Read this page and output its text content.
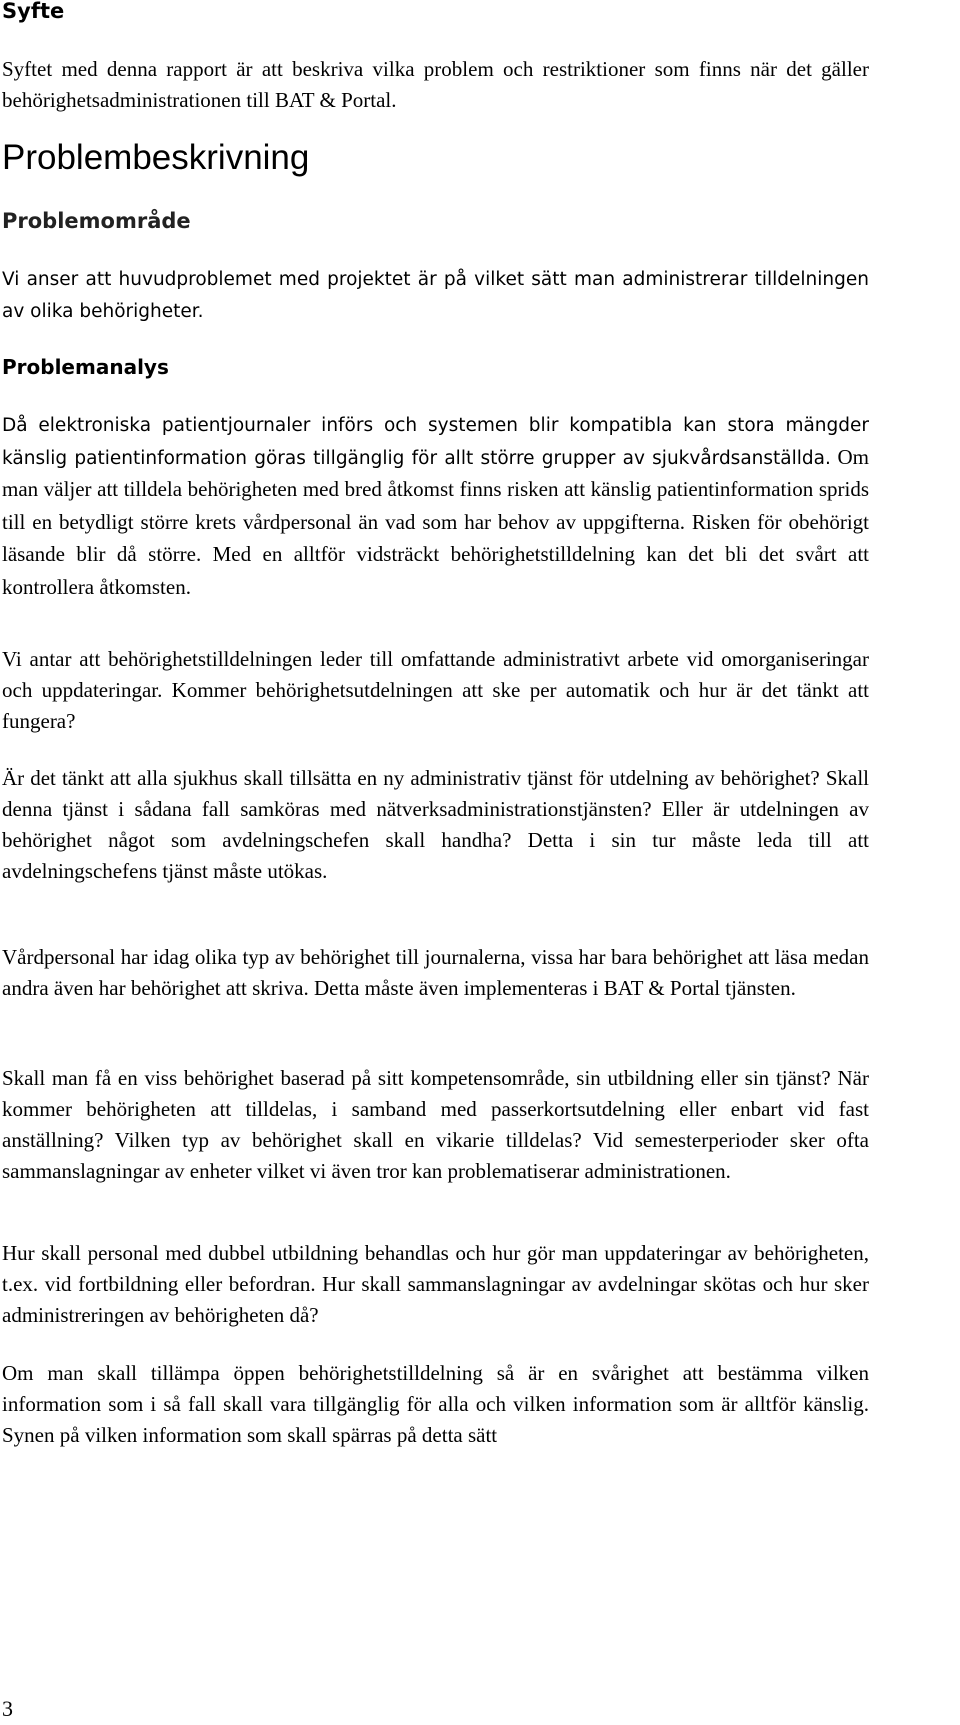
Syfte

Syftet med denna rapport är att beskriva vilka problem och restriktioner som finns när det gäller behörighetsadministrationen till BAT & Portal.

Problembeskrivning
Problemområde

Vi anser att huvudproblemet med projektet är på vilket sätt man administrerar tilldelningen av olika behörigheter.

Problemanalys

Då elektroniska patientjournaler införs och systemen blir kompatibla kan stora mängder känslig patientinformation göras tillgänglig för allt större grupper av sjukvårdsanställda. Om man väljer att tilldela behörigheten med bred åtkomst finns risken att känslig patientinformation sprids till en betydligt större krets vårdpersonal än vad som har behov av uppgifterna. Risken för obehörigt läsande blir då större. Med en alltför vidsträckt behörighetstilldelning kan det bli det svårt att kontrollera åtkomsten.

Vi antar att behörighetstilldelningen leder till omfattande administrativt arbete vid omorganiseringar och uppdateringar. Kommer behörighetsutdelningen att ske per automatik och hur är det tänkt att fungera?

Är det tänkt att alla sjukhus skall tillsätta en ny administrativ tjänst för utdelning av behörighet? Skall denna tjänst i sådana fall samköras med nätverksadministrationstjänsten? Eller är utdelningen av behörighet något som avdelningschefen skall handha? Detta i sin tur måste leda till att avdelningschefens tjänst måste utökas.

Vårdpersonal har idag olika typ av behörighet till journalerna, vissa har bara behörighet att läsa medan andra även har behörighet att skriva. Detta måste även implementeras i BAT & Portal tjänsten.

Skall man få en viss behörighet baserad på sitt kompetensområde, sin utbildning eller sin tjänst? När kommer behörigheten att tilldelas, i samband med passerkortsutdelning eller enbart vid fast anställning? Vilken typ av behörighet skall en vikarie tilldelas? Vid semesterperioder sker ofta sammanslagningar av enheter vilket vi även tror kan problematiserar administrationen.

Hur skall personal med dubbel utbildning behandlas och hur gör man uppdateringar av behörigheten, t.ex. vid fortbildning eller befordran. Hur skall sammanslagningar av avdelningar skötas och hur sker administreringen av behörigheten då?

Om man skall tillämpa öppen behörighetstilldelning så är en svårighet att bestämma vilken information som i så fall skall vara tillgänglig för alla och vilken information som är alltför känslig. Synen på vilken information som skall spärras på detta sätt

3
